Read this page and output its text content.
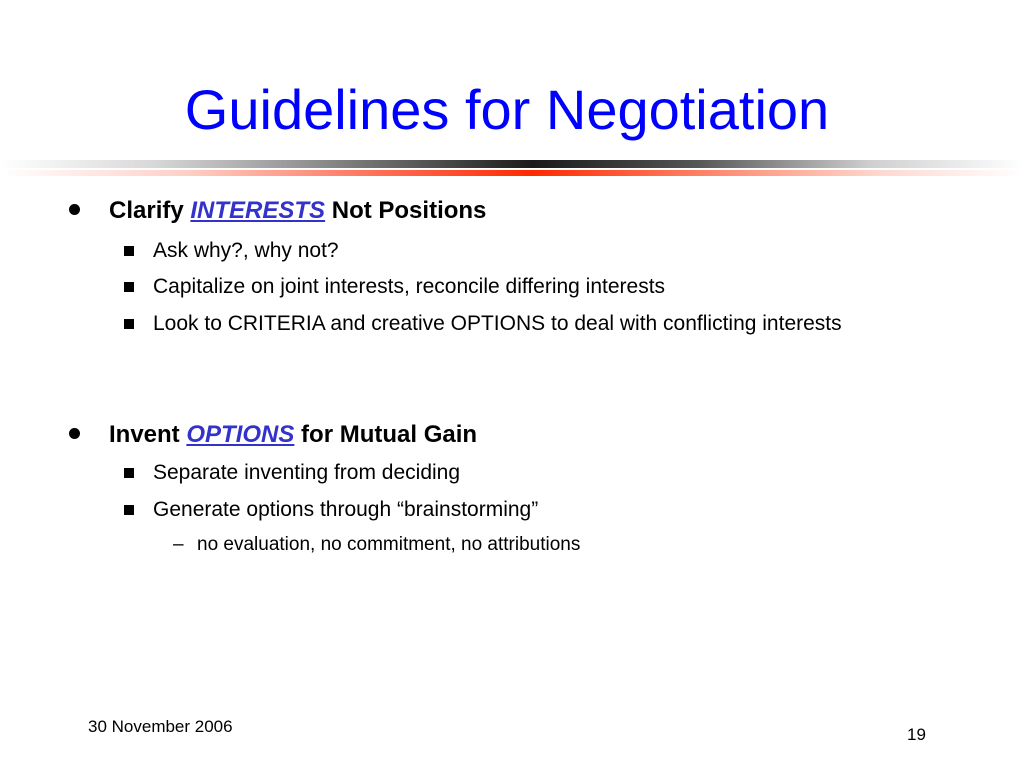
Guidelines for Negotiation
Clarify INTERESTS Not Positions
Ask why?, why not?
Capitalize on joint interests, reconcile differing interests
Look to CRITERIA and creative OPTIONS to deal with conflicting interests
Invent OPTIONS for Mutual Gain
Separate inventing from deciding
Generate options through “brainstorming”
– no evaluation, no commitment, no attributions
30 November 2006	19
